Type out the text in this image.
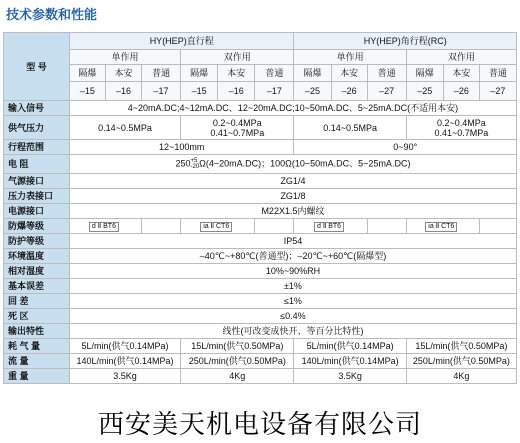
技术参数和性能
型 号	HY(HEP)直行程						HY(HEP)角行程(RC)					
	单作用			双作用			单作用			双作用		
	隔爆	本安	普通	隔爆	本安	普通	隔爆	本安	普通	隔爆	本安	普通
	–15	–16	–17	–15	–16	–17	–25	–26	–27	–25	–26	–27
输入信号	4~20mA.DC;4~12mA.DC、12~20mA.DC;10~50mA.DC、5~25mA.DC(不适用本安)											
供气压力	0.14~0.5MPa			0.2~0.4MPa
0.41~0.7MPa			0.14~0.5MPa			0.2~0.4MPa
0.41~0.7MPa		
行程范围	12~100mm						0~90°					
电 阻	250+5
-20Ω(4~20mA.DC)；100Ω(10~50mA.DC、5~25mA.DC)											
气源接口	ZG1/4											
压力表接口	ZG1/8											
电源接口	M22X1.5内螺纹											
防爆等级	d Ⅱ BT6			ia Ⅱ CT6			d Ⅱ BT6			ia Ⅱ CT6		
防护等级	IP54											
环境温度	–40℃~+80℃(普通型)；–20℃~+60℃(隔爆型)											
相对湿度	10%~90%RH											
基本误差	±1%											
回 差	≤1%											
死 区	≤0.4%											
输出特性	线性(可改变成快开、等百分比特性)											
耗 气 量	5L/min(供气0.14MPa)			15L/min(供气0.50MPa)			5L/min(供气0.14MPa)			15L/min(供气0.50MPa)		
流 量	140L/min(供气0.14MPa)			250L/min(供气0.50MPa)			140L/min(供气0.14MPa)			250L/min(供气0.50MPa)		
重 量	3.5Kg			4Kg			3.5Kg			4Kg		
西安美天机电设备有限公司
